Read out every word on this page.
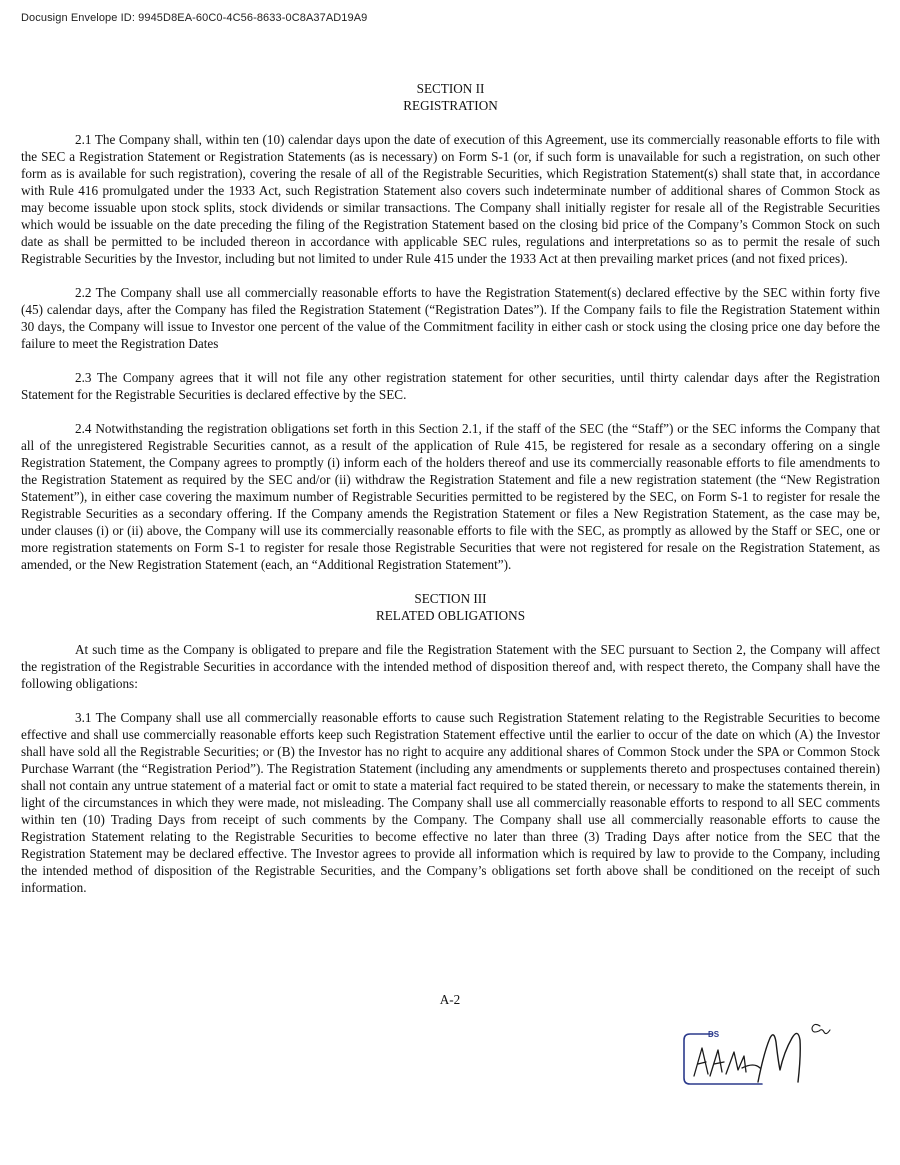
Docusign Envelope ID: 9945D8EA-60C0-4C56-8633-0C8A37AD19A9
SECTION II
REGISTRATION

2.1 The Company shall, within ten (10) calendar days upon the date of execution of this Agreement, use its commercially reasonable efforts to file with the SEC a Registration Statement or Registration Statements (as is necessary) on Form S-1 (or, if such form is unavailable for such a registration, on such other form as is available for such registration), covering the resale of all of the Registrable Securities, which Registration Statement(s) shall state that, in accordance with Rule 416 promulgated under the 1933 Act, such Registration Statement also covers such indeterminate number of additional shares of Common Stock as may become issuable upon stock splits, stock dividends or similar transactions. The Company shall initially register for resale all of the Registrable Securities which would be issuable on the date preceding the filing of the Registration Statement based on the closing bid price of the Company’s Common Stock on such date as shall be permitted to be included thereon in accordance with applicable SEC rules, regulations and interpretations so as to permit the resale of such Registrable Securities by the Investor, including but not limited to under Rule 415 under the 1933 Act at then prevailing market prices (and not fixed prices).

2.2 The Company shall use all commercially reasonable efforts to have the Registration Statement(s) declared effective by the SEC within forty five (45) calendar days, after the Company has filed the Registration Statement (“Registration Dates”). If the Company fails to file the Registration Statement within 30 days, the Company will issue to Investor one percent of the value of the Commitment facility in either cash or stock using the closing price one day before the failure to meet the Registration Dates

2.3 The Company agrees that it will not file any other registration statement for other securities, until thirty calendar days after the Registration Statement for the Registrable Securities is declared effective by the SEC.

2.4 Notwithstanding the registration obligations set forth in this Section 2.1, if the staff of the SEC (the “Staff”) or the SEC informs the Company that all of the unregistered Registrable Securities cannot, as a result of the application of Rule 415, be registered for resale as a secondary offering on a single Registration Statement, the Company agrees to promptly (i) inform each of the holders thereof and use its commercially reasonable efforts to file amendments to the Registration Statement as required by the SEC and/or (ii) withdraw the Registration Statement and file a new registration statement (the “New Registration Statement”), in either case covering the maximum number of Registrable Securities permitted to be registered by the SEC, on Form S-1 to register for resale the Registrable Securities as a secondary offering. If the Company amends the Registration Statement or files a New Registration Statement, as the case may be, under clauses (i) or (ii) above, the Company will use its commercially reasonable efforts to file with the SEC, as promptly as allowed by the Staff or SEC, one or more registration statements on Form S-1 to register for resale those Registrable Securities that were not registered for resale on the Registration Statement, as amended, or the New Registration Statement (each, an “Additional Registration Statement”).

SECTION III
RELATED OBLIGATIONS

At such time as the Company is obligated to prepare and file the Registration Statement with the SEC pursuant to Section 2, the Company will affect the registration of the Registrable Securities in accordance with the intended method of disposition thereof and, with respect thereto, the Company shall have the following obligations:

3.1 The Company shall use all commercially reasonable efforts to cause such Registration Statement relating to the Registrable Securities to become effective and shall use commercially reasonable efforts keep such Registration Statement effective until the earlier to occur of the date on which (A) the Investor shall have sold all the Registrable Securities; or (B) the Investor has no right to acquire any additional shares of Common Stock under the SPA or Common Stock Purchase Warrant (the “Registration Period”). The Registration Statement (including any amendments or supplements thereto and prospectuses contained therein) shall not contain any untrue statement of a material fact or omit to state a material fact required to be stated therein, or necessary to make the statements therein, in light of the circumstances in which they were made, not misleading. The Company shall use all commercially reasonable efforts to respond to all SEC comments within ten (10) Trading Days from receipt of such comments by the Company. The Company shall use all commercially reasonable efforts to cause the Registration Statement relating to the Registrable Securities to become effective no later than three (3) Trading Days after notice from the SEC that the Registration Statement may be declared effective. The Investor agrees to provide all information which is required by law to provide to the Company, including the intended method of disposition of the Registrable Securities, and the Company’s obligations set forth above shall be conditioned on the receipt of such information.

A-2
DS
